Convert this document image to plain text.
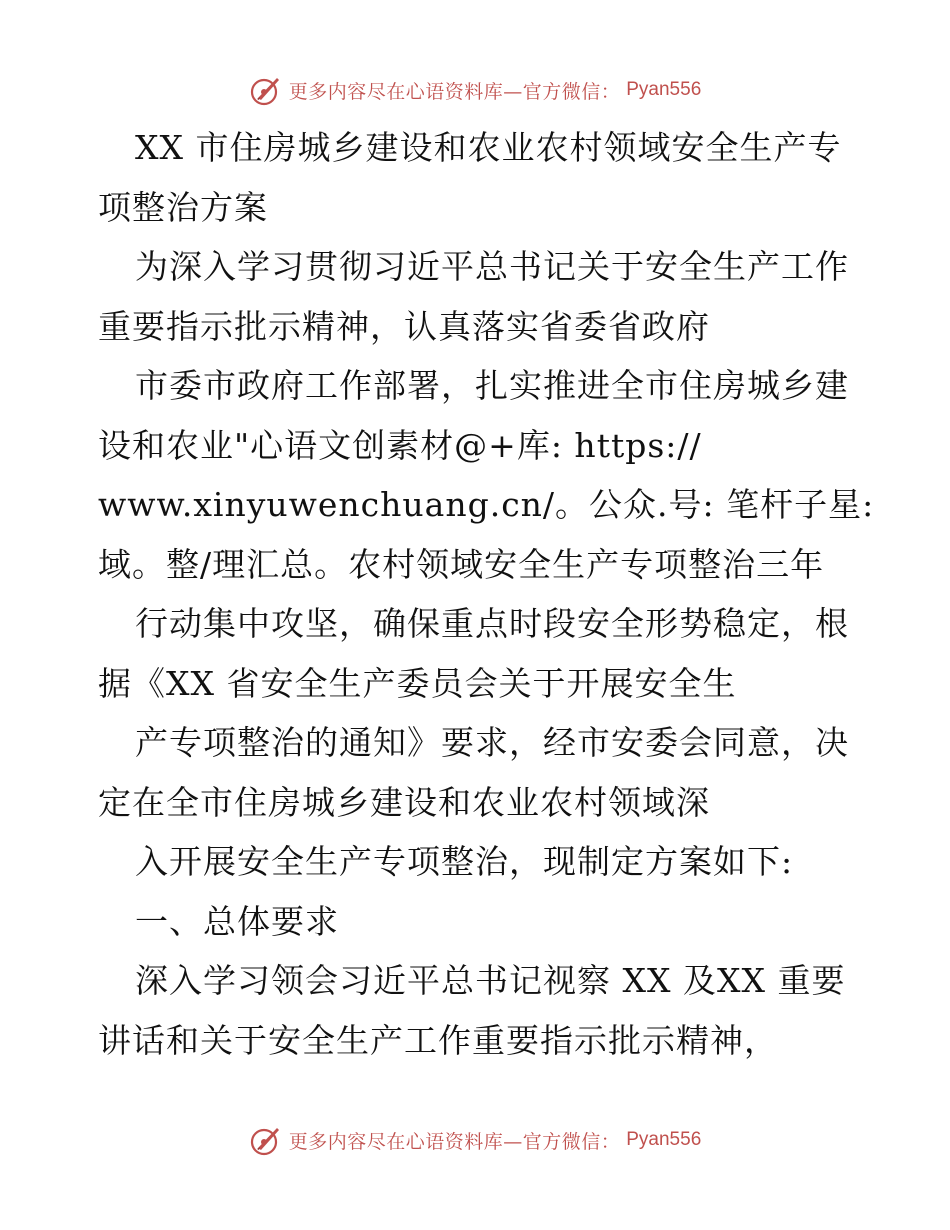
更多内容尽在心语资料库—官方微信： Pyan556
XX 市住房城乡建设和农业农村领域安全生产专
项整治方案
为深入学习贯彻习近平总书记关于安全生产工作
重要指示批示精神，认真落实省委省政府
市委市政府工作部署，扎实推进全市住房城乡建
设和农业"心语文创素材@+库: https://
www.xinyuwenchuang.cn/。公众.号: 笔杆子星:
域。整/理汇总。农村领域安全生产专项整治三年
行动集中攻坚，确保重点时段安全形势稳定，根
据《XX 省安全生产委员会关于开展安全生
产专项整治的通知》要求，经市安委会同意，决
定在全市住房城乡建设和农业农村领域深
入开展安全生产专项整治，现制定方案如下:
一、总体要求
深入学习领会习近平总书记视察 XX 及XX 重要
讲话和关于安全生产工作重要指示批示精神，
更多内容尽在心语资料库—官方微信： Pyan556
